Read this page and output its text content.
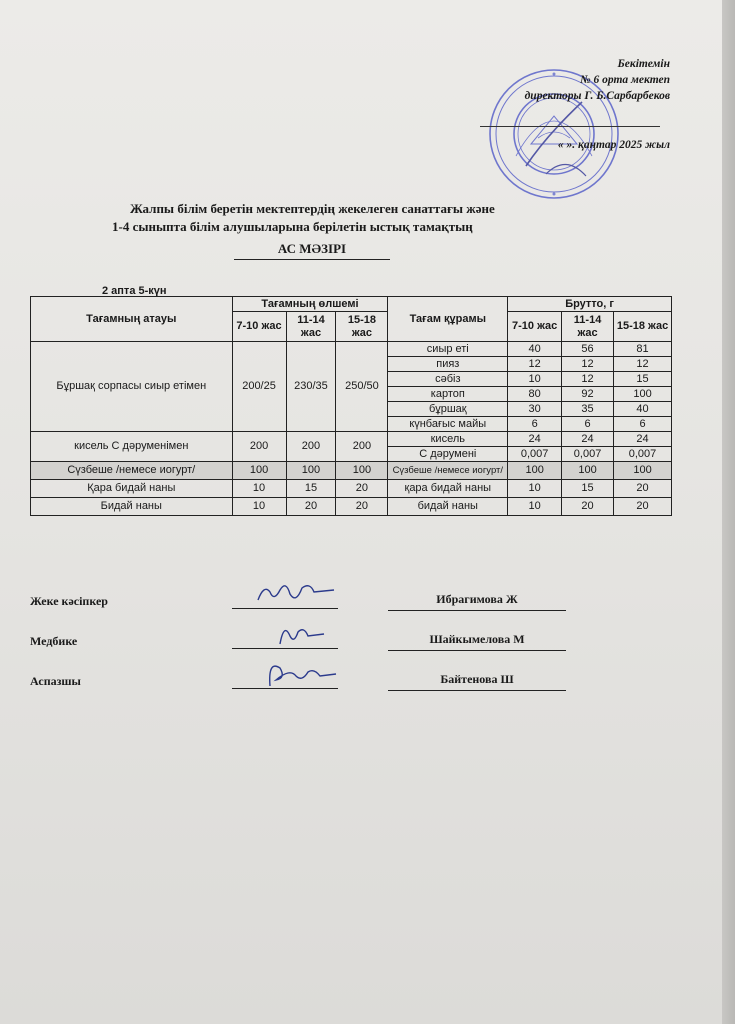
Бекітемін
№ 6 орта мектеп
директоры Г. Б.Сарбарбеков
« ». қаңтар 2025 жыл
Жалпы білім беретін мектептердің жекелеген санаттағы және
1-4 сыныпта білім алушыларына берілетін ыстық тамақтың
АС МӘЗІРІ
2 апта 5-күн
Тағамның атауы	Тағамның өлшемі			Тағам құрамы	Брутто, г		
	7-10 жас	11-14 жас	15-18 жас		7-10 жас	11-14 жас	15-18 жас
Бұршақ сорпасы сиыр етімен	200/25	230/35	250/50	сиыр еті	40	56	81
				пияз	12	12	12
				сәбіз	10	12	15
				картоп	80	92	100
				бұршақ	30	35	40
				күнбағыс майы	6	6	6
кисель С дәруменімен	200	200	200	кисель	24	24	24
				С дәрумені	0,007	0,007	0,007
Сүзбеше /немесе иогурт/	100	100	100	Сүзбеше /немесе иогурт/	100	100	100
Қара бидай наны	10	15	20	қара бидай наны	10	15	20
Бидай наны	10	20	20	бидай наны	10	20	20
Жеке кәсіпкер	Ибрагимова Ж
Медбике	Шайкымелова М
Аспазшы	Байтенова Ш
